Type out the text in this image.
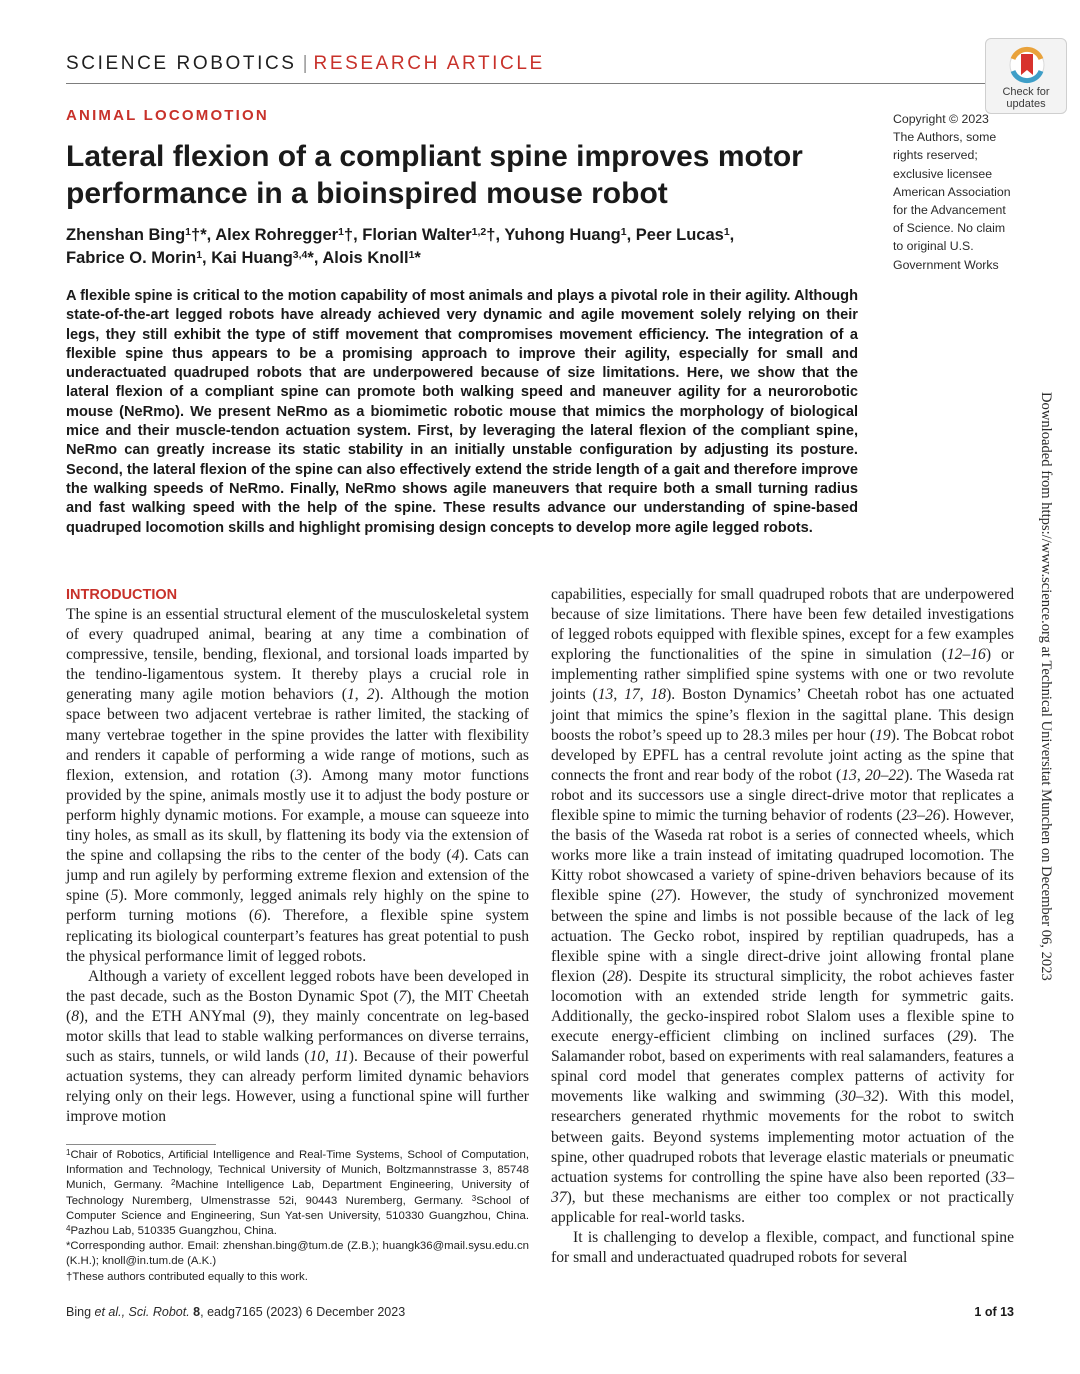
SCIENCE ROBOTICS | RESEARCH ARTICLE
Check for
updates
ANIMAL LOCOMOTION
Lateral flexion of a compliant spine improves motor performance in a bioinspired mouse robot
Zhenshan Bing$^1$†*, Alex Rohregger$^1$†, Florian Walter$^{1,2}$†, Yuhong Huang$^1$, Peer Lucas$^1$,
Fabrice O. Morin$^1$, Kai Huang$^{3,4}$*, Alois Knoll$^1$*
Copyright © 2023 The Authors, some rights reserved; exclusive licensee American Association for the Advancement of Science. No claim to original U.S. Government Works

A flexible spine is critical to the motion capability of most animals and plays a pivotal role in their agility. Although state-of-the-art legged robots have already achieved very dynamic and agile movement solely relying on their legs, they still exhibit the type of stiff movement that compromises movement efficiency. The integration of a flexible spine thus appears to be a promising approach to improve their agility, especially for small and underactuated quadruped robots that are underpowered because of size limitations. Here, we show that the lateral flexion of a compliant spine can promote both walking speed and maneuver agility for a neurorobotic mouse (NeRmo). We present NeRmo as a biomimetic robotic mouse that mimics the morphology of biological mice and their muscle-tendon actuation system. First, by leveraging the lateral flexion of the compliant spine, NeRmo can greatly increase its static stability in an initially unstable configuration by adjusting its posture. Second, the lateral flexion of the spine can also effectively extend the stride length of a gait and therefore improve the walking speeds of NeRmo. Finally, NeRmo shows agile maneuvers that require both a small turning radius and fast walking speed with the help of the spine. These results advance our understanding of spine-based quadruped locomotion skills and highlight promising design concepts to develop more agile legged robots.

INTRODUCTION

The spine is an essential structural element of the musculoskeletal system of every quadruped animal, bearing at any time a combination of compressive, tensile, bending, flexional, and torsional loads imparted by the tendino-ligamentous system. It thereby plays a crucial role in generating many agile motion behaviors (1, 2). Although the motion space between two adjacent vertebrae is rather limited, the stacking of many vertebrae together in the spine provides the latter with flexibility and renders it capable of performing a wide range of motions, such as flexion, extension, and rotation (3). Among many motor functions provided by the spine, animals mostly use it to adjust the body posture or perform highly dynamic motions. For example, a mouse can squeeze into tiny holes, as small as its skull, by flattening its body via the extension of the spine and collapsing the ribs to the center of the body (4). Cats can jump and run agilely by performing extreme flexion and extension of the spine (5). More commonly, legged animals rely highly on the spine to perform turning motions (6). Therefore, a flexible spine system replicating its biological counterpart’s features has great potential to push the physical performance limit of legged robots.

Although a variety of excellent legged robots have been developed in the past decade, such as the Boston Dynamic Spot (7), the MIT Cheetah (8), and the ETH ANYmal (9), they mainly concentrate on leg-based motor skills that lead to stable walking performances on diverse terrains, such as stairs, tunnels, or wild lands (10, 11). Because of their powerful actuation systems, they can already perform limited dynamic behaviors relying only on their legs. However, using a functional spine will further improve motion

capabilities, especially for small quadruped robots that are underpowered because of size limitations. There have been few detailed investigations of legged robots equipped with flexible spines, except for a few examples exploring the functionalities of the spine in simulation (12–16) or implementing rather simplified spine systems with one or two revolute joints (13, 17, 18). Boston Dynamics’ Cheetah robot has one actuated joint that mimics the spine’s flexion in the sagittal plane. This design boosts the robot’s speed up to 28.3 miles per hour (19). The Bobcat robot developed by EPFL has a central revolute joint acting as the spine that connects the front and rear body of the robot (13, 20–22). The Waseda rat robot and its successors use a single direct-drive motor that replicates a flexible spine to mimic the turning behavior of rodents (23–26). However, the basis of the Waseda rat robot is a series of connected wheels, which works more like a train instead of imitating quadruped locomotion. The Kitty robot showcased a variety of spine-driven behaviors because of its flexible spine (27). However, the study of synchronized movement between the spine and limbs is not possible because of the lack of leg actuation. The Gecko robot, inspired by reptilian quadrupeds, has a flexible spine with a single direct-drive joint allowing frontal plane flexion (28). Despite its structural simplicity, the robot achieves faster locomotion with an extended stride length for symmetric gaits. Additionally, the gecko-inspired robot Slalom uses a flexible spine to execute energy-efficient climbing on inclined surfaces (29). The Salamander robot, based on experiments with real salamanders, features a spinal cord model that generates complex patterns of activity for movements like walking and swimming (30–32). With this model, researchers generated rhythmic movements for the robot to switch between gaits. Beyond systems implementing motor actuation of the spine, other quadruped robots that leverage elastic materials or pneumatic actuation systems for controlling the spine have also been reported (33–37), but these mechanisms are either too complex or not practically applicable for real-world tasks.

It is challenging to develop a flexible, compact, and functional spine for small and underactuated quadruped robots for several

$^1$Chair of Robotics, Artificial Intelligence and Real-Time Systems, School of Computation, Information and Technology, Technical University of Munich, Boltzmannstrasse 3, 85748 Munich, Germany. $^2$Machine Intelligence Lab, Department Engineering, University of Technology Nuremberg, Ulmenstrasse 52i, 90443 Nuremberg, Germany. $^3$School of Computer Science and Engineering, Sun Yat-sen University, 510330 Guangzhou, China. $^4$Pazhou Lab, 510335 Guangzhou, China.

*Corresponding author. Email: zhenshan.bing@tum.de (Z.B.); huangk36@mail.sysu.edu.cn (K.H.); knoll@in.tum.de (A.K.)

†These authors contributed equally to this work.

Downloaded from https://www.science.org at Technical Universitat Munchen on December 06, 2023
Bing et al., Sci. Robot. 8, eadg7165 (2023) 6 December 2023	1 of 13
